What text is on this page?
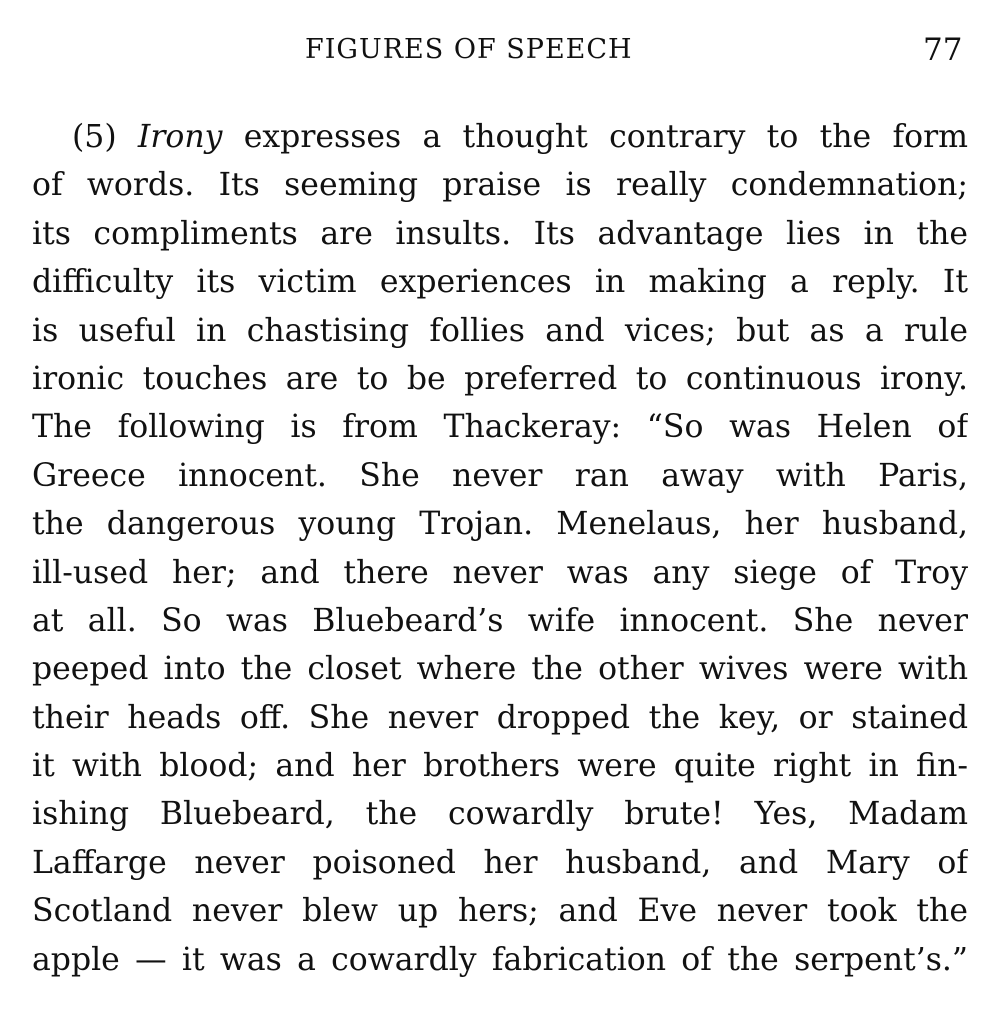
FIGURES OF SPEECH	77
(5) Irony expresses a thought contrary to the form
of words. Its seeming praise is really condemnation;
its compliments are insults. Its advantage lies in the
difficulty its victim experiences in making a reply. It
is useful in chastising follies and vices; but as a rule
ironic touches are to be preferred to continuous irony.
The following is from Thackeray: “So was Helen of
Greece innocent. She never ran away with Paris,
the dangerous young Trojan. Menelaus, her husband,
ill-used her; and there never was any siege of Troy
at all. So was Bluebeard’s wife innocent. She never
peeped into the closet where the other wives were with
their heads off. She never dropped the key, or stained
it with blood; and her brothers were quite right in fin-
ishing Bluebeard, the cowardly brute! Yes, Madam
Laffarge never poisoned her husband, and Mary of
Scotland never blew up hers; and Eve never took the
apple — it was a cowardly fabrication of the serpent’s.”
